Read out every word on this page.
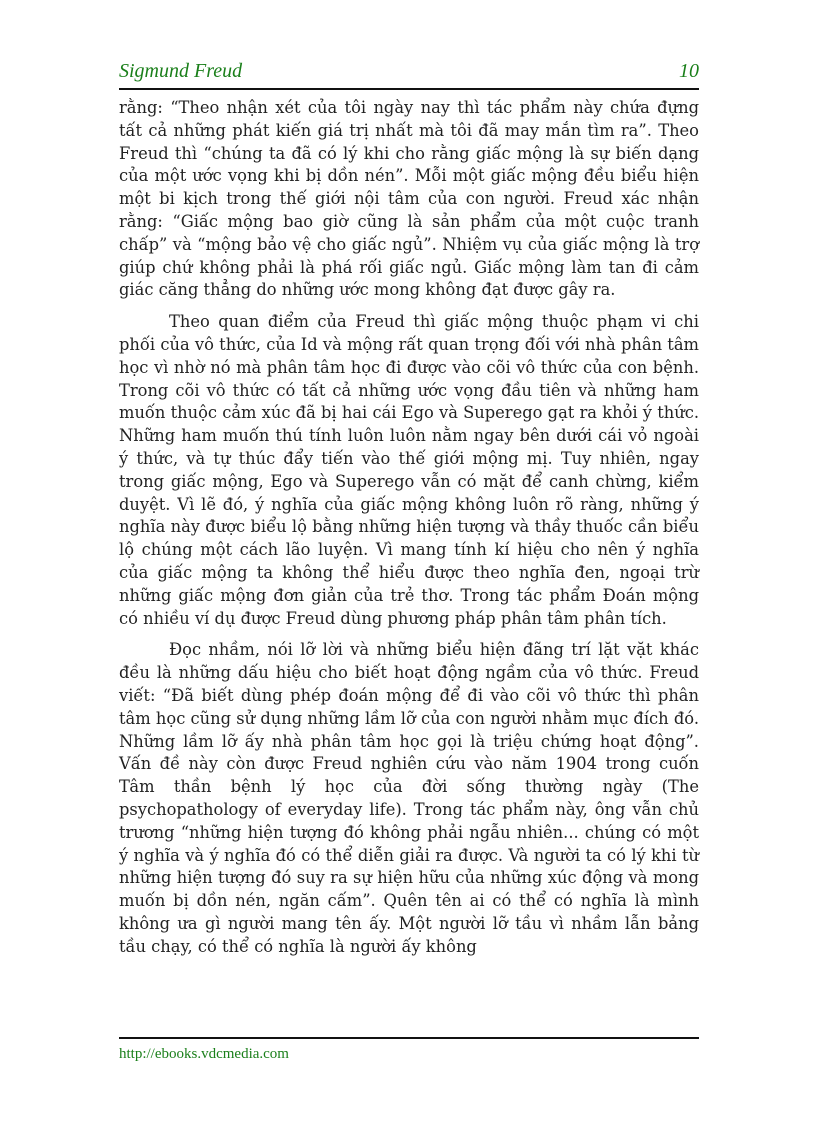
Sigmund Freud	10

rằng: “Theo nhận xét của tôi ngày nay thì tác phẩm này chứa đựng tất cả những phát kiến giá trị nhất mà tôi đã may mắn tìm ra”. Theo Freud thì “chúng ta đã có lý khi cho rằng giấc mộng là sự biến dạng của một ước vọng khi bị dồn nén”. Mỗi một giấc mộng đều biểu hiện một bi kịch trong thế giới nội tâm của con người. Freud xác nhận rằng: “Giấc mộng bao giờ cũng là sản phẩm của một cuộc tranh chấp” và “mộng bảo vệ cho giấc ngủ”. Nhiệm vụ của giấc mộng là trợ giúp chứ không phải là phá rối giấc ngủ. Giấc mộng làm tan đi cảm giác căng thẳng do những ước mong không đạt được gây ra.

Theo quan điểm của Freud thì giấc mộng thuộc phạm vi chi phối của vô thức, của Id và mộng rất quan trọng đối với nhà phân tâm học vì nhờ nó mà phân tâm học đi được vào cõi vô thức của con bệnh. Trong cõi vô thức có tất cả những ước vọng đầu tiên và những ham muốn thuộc cảm xúc đã bị hai cái Ego và Superego gạt ra khỏi ý thức. Những ham muốn thú tính luôn luôn nằm ngay bên dưới cái vỏ ngoài ý thức, và tự thúc đẩy tiến vào thế giới mộng mị. Tuy nhiên, ngay trong giấc mộng, Ego và Superego vẫn có mặt để canh chừng, kiểm duyệt. Vì lẽ đó, ý nghĩa của giấc mộng không luôn rõ ràng, những ý nghĩa này được biểu lộ bằng những hiện tượng và thầy thuốc cần biểu lộ chúng một cách lão luyện. Vì mang tính kí hiệu cho nên ý nghĩa của giấc mộng ta không thể hiểu được theo nghĩa đen, ngoại trừ những giấc mộng đơn giản của trẻ thơ. Trong tác phẩm Đoán mộng có nhiều ví dụ được Freud dùng phương pháp phân tâm phân tích.

Đọc nhầm, nói lỡ lời và những biểu hiện đãng trí lặt vặt khác đều là những dấu hiệu cho biết hoạt động ngầm của vô thức. Freud viết: “Đã biết dùng phép đoán mộng để đi vào cõi vô thức thì phân tâm học cũng sử dụng những lầm lỡ của con người nhằm mục đích đó. Những lầm lỡ ấy nhà phân tâm học gọi là triệu chứng hoạt động”. Vấn đề này còn được Freud nghiên cứu vào năm 1904 trong cuốn Tâm thần bệnh lý học của đời sống thường ngày (The psychopathology of everyday life). Trong tác phẩm này, ông vẫn chủ trương “những hiện tượng đó không phải ngẫu nhiên... chúng có một ý nghĩa và ý nghĩa đó có thể diễn giải ra được. Và người ta có lý khi từ những hiện tượng đó suy ra sự hiện hữu của những xúc động và mong muốn bị dồn nén, ngăn cấm”. Quên tên ai có thể có nghĩa là mình không ưa gì người mang tên ấy. Một người lỡ tầu vì nhầm lẫn bảng tầu chạy, có thể có nghĩa là người ấy không

http://ebooks.vdcmedia.com
